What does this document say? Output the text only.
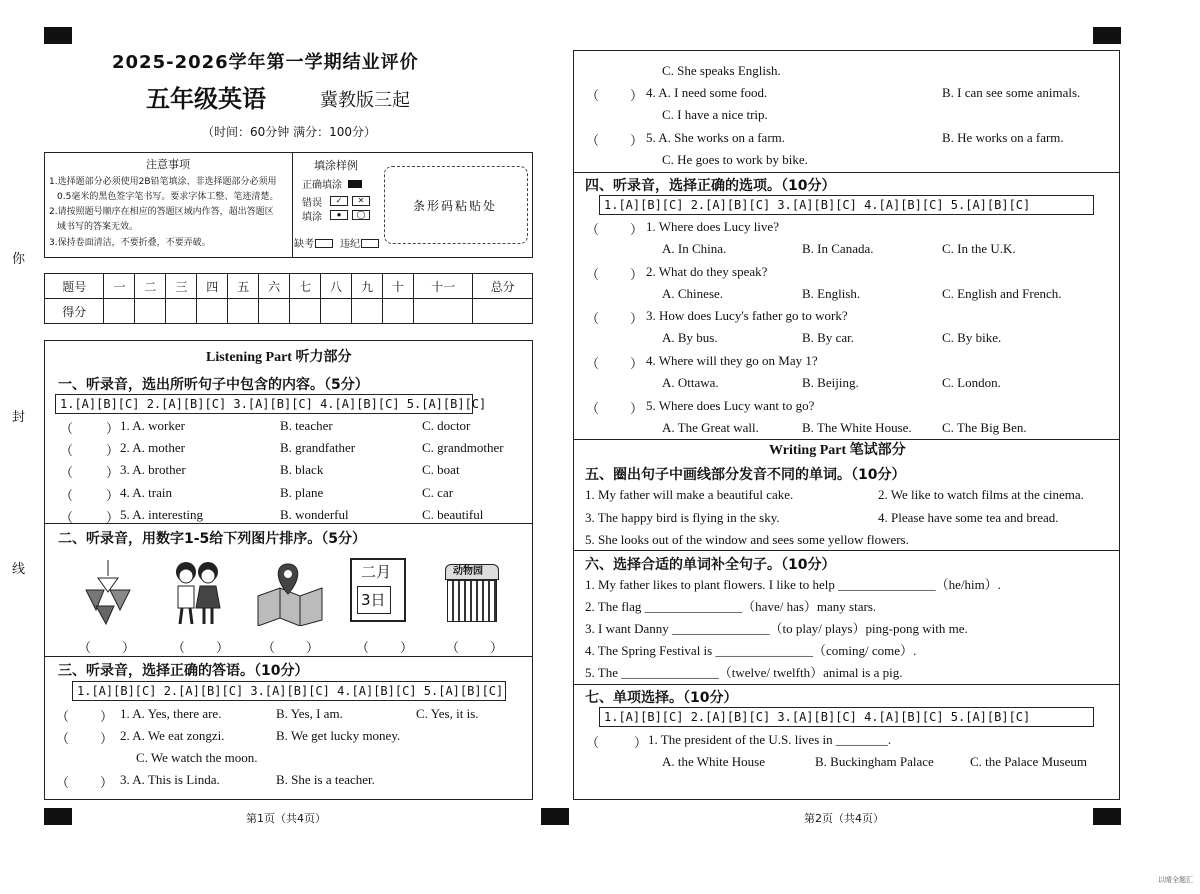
你
封
线
2025-2026学年第一学期结业评价
五年级英语	冀教版三起
（时间：60分钟 满分：100分）
注意事项
1.选择题部分必须使用2B铅笔填涂、非选择题部分必须用
0.5毫米的黑色签字笔书写。要求字体工整、笔迹清楚。
2.请按照题号顺序在相应的答题区域内作答，超出答题区
域书写的答案无效。
3.保持卷面清洁，不要折叠，不要弄破。
填涂样例
正确填涂
错误
填涂
✓	✕
●	◯
缺考	违纪
条形码粘贴处
题号	一	二	三	四	五	六	七	八	九	十	十一	总分
得分												
Listening Part 听力部分
一、听录音，选出所听句子中包含的内容。（5分）
1.[A][B][C] 2.[A][B][C] 3.[A][B][C] 4.[A][B][C] 5.[A][B][C]
（	） 1. A. worker	B. teacher	C. doctor
（	） 2. A. mother	B. grandfather	C. grandmother
（	） 3. A. brother	B. black	C. boat
（	） 4. A. train	B. plane	C. car
（	） 5. A. interesting	B. wonderful	C. beautiful
二、听录音，用数字1-5给下列图片排序。（5分）
二月
3日
动物园
（ ）	（ ）	（ ）	（ ）	（ ）
三、听录音，选择正确的答语。（10分）
1.[A][B][C] 2.[A][B][C] 3.[A][B][C] 4.[A][B][C] 5.[A][B][C]
（ ） 1. A. Yes, there are.	B. Yes, I am.	C. Yes, it is.
（ ） 2. A. We eat zongzi.	B. We get lucky money.
C. We watch the moon.
（ ） 3. A. This is Linda.	B. She is a teacher.
第1页（共4页）
C. She speaks English.
（ ） 4. A. I need some food.	B. I can see some animals.
C. I have a nice trip.
（ ） 5. A. She works on a farm.	B. He works on a farm.
C. He goes to work by bike.
四、听录音，选择正确的选项。（10分）
1.[A][B][C] 2.[A][B][C] 3.[A][B][C] 4.[A][B][C] 5.[A][B][C]
（ ） 1. Where does Lucy live?
A. In China.	B. In Canada.	C. In the U.K.
（ ） 2. What do they speak?
A. Chinese.	B. English.	C. English and French.
（ ） 3. How does Lucy's father go to work?
A. By bus.	B. By car.	C. By bike.
（ ） 4. Where will they go on May 1?
A. Ottawa.	B. Beijing.	C. London.
（ ） 5. Where does Lucy want to go?
A. The Great wall.	B. The White House. C. The Big Ben.
Writing Part 笔试部分
五、圈出句子中画线部分发音不同的单词。（10分）
1. My father will make a beautiful cake.	2. We like to watch films at the cinema.
3. The happy bird is flying in the sky.	4. Please have some tea and bread.
5. She looks out of the window and sees some yellow flowers.
六、选择合适的单词补全句子。（10分）
1. My father likes to plant flowers. I like to help _______________（he/him）.
2. The flag _______________（have/ has）many stars.
3. I want Danny _______________（to play/ plays）ping-pong with me.
4. The Spring Festival is _______________（coming/ come）.
5. The _______________（twelve/ twelfth）animal is a pig.
七、单项选择。（10分）
1.[A][B][C] 2.[A][B][C] 3.[A][B][C] 4.[A][B][C] 5.[A][B][C]
（	） 1. The president of the U.S. lives in ________.
A. the White House	B. Buckingham Palace	C. the Palace Museum
第2页（共4页）
以晴全题汇
